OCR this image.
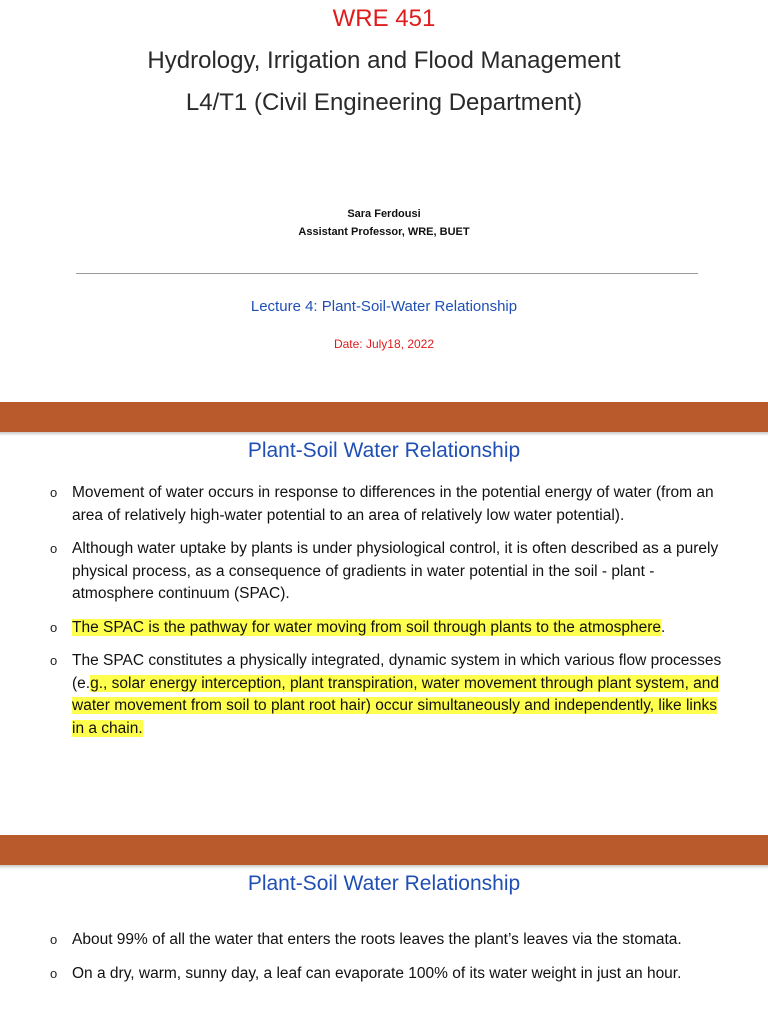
WRE 451
Hydrology, Irrigation and Flood Management
L4/T1 (Civil Engineering Department)
Sara Ferdousi
Assistant Professor, WRE, BUET
Lecture 4: Plant-Soil-Water Relationship
Date: July18, 2022
Plant-Soil Water Relationship
o Movement of water occurs in response to differences in the potential energy of water (from an area of relatively high-water potential to an area of relatively low water potential).
o Although water uptake by plants is under physiological control, it is often described as a purely physical process, as a consequence of gradients in water potential in the soil - plant - atmosphere continuum (SPAC).
o The SPAC is the pathway for water moving from soil through plants to the atmosphere.
o The SPAC constitutes a physically integrated, dynamic system in which various flow processes (e.g., solar energy interception, plant transpiration, water movement through plant system, and water movement from soil to plant root hair) occur simultaneously and independently, like links in a chain.
Plant-Soil Water Relationship
o About 99% of all the water that enters the roots leaves the plant’s leaves via the stomata.
o On a dry, warm, sunny day, a leaf can evaporate 100% of its water weight in just an hour.
